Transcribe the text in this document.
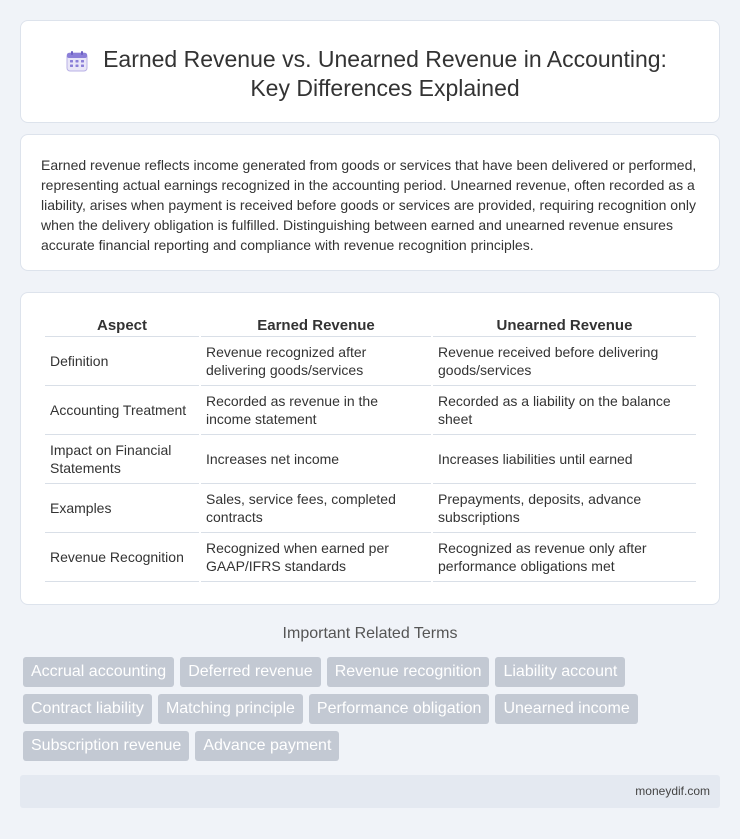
Earned Revenue vs. Unearned Revenue in Accounting: Key Differences Explained

Earned revenue reflects income generated from goods or services that have been delivered or performed, representing actual earnings recognized in the accounting period. Unearned revenue, often recorded as a liability, arises when payment is received before goods or services are provided, requiring recognition only when the delivery obligation is fulfilled. Distinguishing between earned and unearned revenue ensures accurate financial reporting and compliance with revenue recognition principles.

Aspect	Earned Revenue	Unearned Revenue
Definition	Revenue recognized after delivering goods/services	Revenue received before delivering goods/services
Accounting Treatment	Recorded as revenue in the income statement	Recorded as a liability on the balance sheet
Impact on Financial Statements	Increases net income	Increases liabilities until earned
Examples	Sales, service fees, completed contracts	Prepayments, deposits, advance subscriptions
Revenue Recognition	Recognized when earned per GAAP/IFRS standards	Recognized as revenue only after performance obligations met
Important Related Terms
Accrual accounting	Deferred revenue	Revenue recognition	Liability account
Contract liability	Matching principle	Performance obligation	Unearned income
Subscription revenue	Advance payment
moneydif.com
